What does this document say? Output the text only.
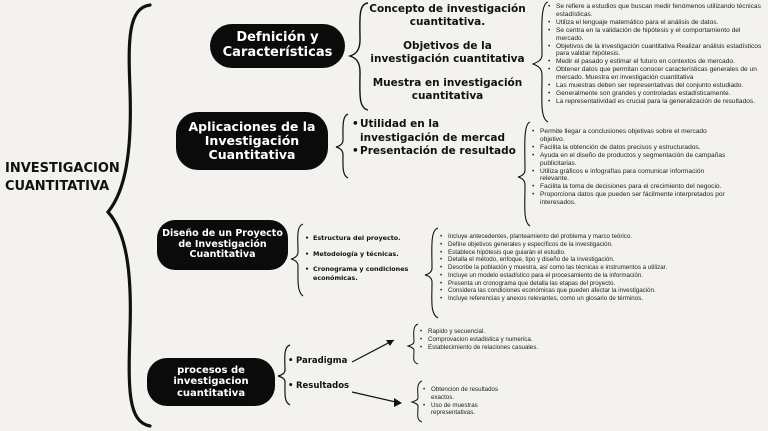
INVESTIGACION CUANTITATIVA
Defnición y Características
Concepto de investigación cuantitativa.
Objetivos de la investigación cuantitativa
Muestra en investigación cuantitativa
• Se refiere a estudios que buscan medir fenómenos utilizando técnicas estadísticas.
• Utiliza el lenguaje matemático para el análisis de datos.
• Se centra en la validación de hipótesis y el comportamiento del mercado.
• Objetivos de la investigación cuantitativa Realizar análisis estadísticos para validar hipótesis.
• Medir el pasado y estimar el futuro en contextos de mercado.
• Obtener datos que permitan conocer características generales de un mercado. Muestra en investigación cuantitativa
• Las muestras deben ser representativas del conjunto estudiado.
• Generalmente son grandes y controladas estadísticamente.
• La representatividad es crucial para la generalización de resultados.
Aplicaciones de la Investigación Cuantitativa
• Utilidad en la investigación de mercad
• Presentación de resultado
• Permite llegar a conclusiones objetivas sobre el mercado objetivo.
• Facilita la obtención de datos precisos y estructurados.
• Ayuda en el diseño de productos y segmentación de campañas publicitarias.
• Utiliza gráficos e infografías para comunicar información relevante.
• Facilita la toma de decisiones para el crecimiento del negocio.
• Proporciona datos que pueden ser fácilmente interpretados por interesados.
Diseño de un Proyecto de Investigación Cuantitativa
• Estructura del proyecto.
• Metodología y técnicas.
• Cronograma y condiciones económicas.
• Incluye antecedentes, planteamiento del problema y marco teórico.
• Define objetivos generales y específicos de la investigación.
• Establece hipótesis que guiarán el estudio.
• Detalla el método, enfoque, tipo y diseño de la investigación.
• Describe la población y muestra, así como las técnicas e instrumentos a utilizar.
• Incluye un modelo estadístico para el procesamiento de la información.
• Presenta un cronograma que detalla las etapas del proyecto.
• Considera las condiciones económicas que pueden afectar la investigación.
• Incluye referencias y anexos relevantes, como un glosario de términos.
procesos de investigacion cuantitativa
• Paradigma
• Resultados
• Rapido y secuencial.
• Comprovacion estadistica y numerica.
• Establecimiento de relaciones casuales.
• Obtencion de resultados exactos.
• Uso de muestras representativas.
